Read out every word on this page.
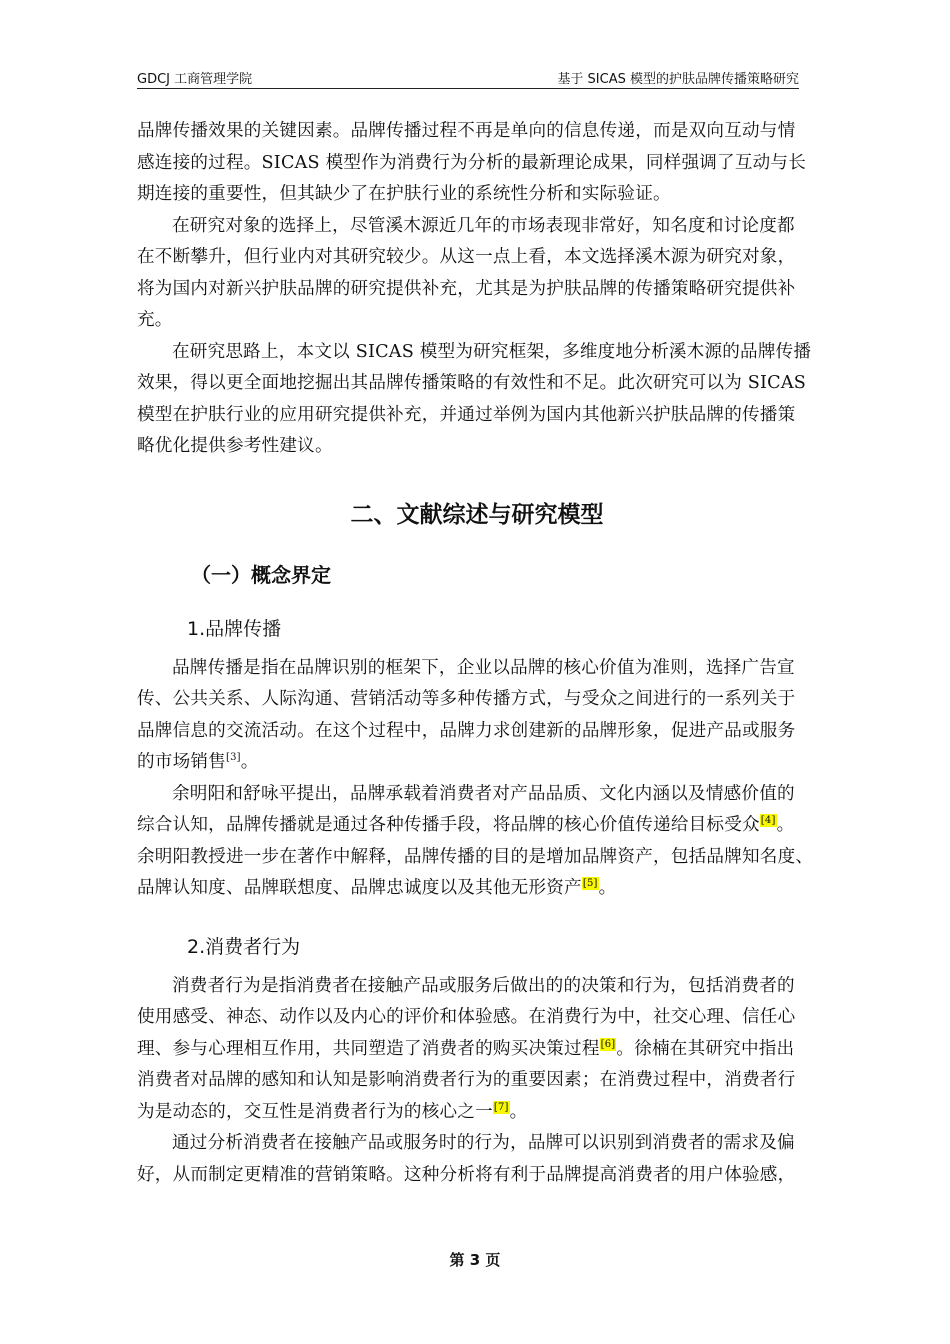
GDCJ 工商管理学院	基于 SICAS 模型的护肤品牌传播策略研究

品牌传播效果的关键因素。品牌传播过程不再是单向的信息传递，而是双向互动与情
感连接的过程。SICAS 模型作为消费行为分析的最新理论成果，同样强调了互动与长
期连接的重要性，但其缺少了在护肤行业的系统性分析和实际验证。

在研究对象的选择上，尽管溪木源近几年的市场表现非常好，知名度和讨论度都
在不断攀升，但行业内对其研究较少。从这一点上看，本文选择溪木源为研究对象，
将为国内对新兴护肤品牌的研究提供补充，尤其是为护肤品牌的传播策略研究提供补
充。

在研究思路上，本文以 SICAS 模型为研究框架，多维度地分析溪木源的品牌传播
效果，得以更全面地挖掘出其品牌传播策略的有效性和不足。此次研究可以为 SICAS
模型在护肤行业的应用研究提供补充，并通过举例为国内其他新兴护肤品牌的传播策
略优化提供参考性建议。

二、文献综述与研究模型
（一）概念界定
1.品牌传播

品牌传播是指在品牌识别的框架下，企业以品牌的核心价值为准则，选择广告宣
传、公共关系、人际沟通、营销活动等多种传播方式，与受众之间进行的一系列关于
品牌信息的交流活动。在这个过程中，品牌力求创建新的品牌形象，促进产品或服务
的市场销售[3]。

余明阳和舒咏平提出，品牌承载着消费者对产品品质、文化内涵以及情感价值的
综合认知，品牌传播就是通过各种传播手段，将品牌的核心价值传递给目标受众[4]。
余明阳教授进一步在著作中解释，品牌传播的目的是增加品牌资产，包括品牌知名度、
品牌认知度、品牌联想度、品牌忠诚度以及其他无形资产[5]。

2.消费者行为

消费者行为是指消费者在接触产品或服务后做出的的决策和行为，包括消费者的
使用感受、神态、动作以及内心的评价和体验感。在消费行为中，社交心理、信任心
理、参与心理相互作用，共同塑造了消费者的购买决策过程[6]。徐楠在其研究中指出
消费者对品牌的感知和认知是影响消费者行为的重要因素；在消费过程中，消费者行
为是动态的，交互性是消费者行为的核心之一[7]。

通过分析消费者在接触产品或服务时的行为，品牌可以识别到消费者的需求及偏
好，从而制定更精准的营销策略。这种分析将有利于品牌提高消费者的用户体验感，

第 3 页
